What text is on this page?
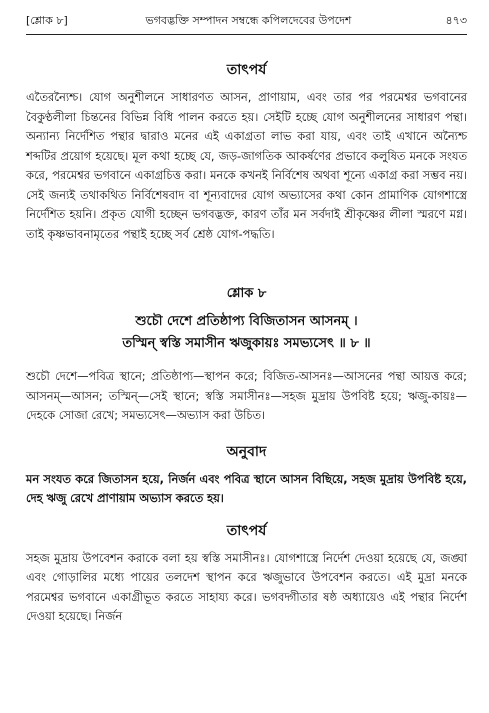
[শ্লোক ৮]	ভগবদ্ভক্তি সম্পাদন সম্বন্ধে কপিলদেবের উপদেশ	৪৭৩
তাৎপর্য

এতৈরন্যৈশ্চ। যোগ অনুশীলনে সাধারণত আসন, প্রাণায়াম, এবং তার পর পরমেশ্বর ভগবানের বৈকুণ্ঠলীলা চিন্তনের বিভিন্ন বিধি পালন করতে হয়। সেইটি হচ্ছে যোগ অনুশীলনের সাধারণ পন্থা। অন্যান্য নির্দেশিত পন্থার দ্বারাও মনের এই একাগ্রতা লাভ করা যায়, এবং তাই এখানে অন্যৈশ্চ শব্দটির প্রয়োগ হয়েছে। মূল কথা হচ্ছে যে, জড়-জাগতিক আকর্ষণের প্রভাবে কলুষিত মনকে সংযত করে, পরমেশ্বর ভগবানে একাগ্রচিত্ত করা। মনকে কখনই নির্বিশেষ অথবা শূন্যে একাগ্র করা সম্ভব নয়। সেই জন্যই তথাকথিত নির্বিশেষবাদ বা শূন্যবাদের যোগ অভ্যাসের কথা কোন প্রামাণিক যোগশাস্ত্রে নির্দেশিত হয়নি। প্রকৃত যোগী হচ্ছেন ভগবদ্ভক্ত, কারণ তাঁর মন সর্বদাই শ্রীকৃষ্ণের লীলা স্মরণে মগ্ন। তাই কৃষ্ণভাবনামৃতের পন্থাই হচ্ছে সর্ব শ্রেষ্ঠ যোগ-পদ্ধতি।

শ্লোক ৮
শুচৌ দেশে প্রতিষ্ঠাপ্য বিজিতাসন আসনম্ ।
তস্মিন্ স্বস্তি সমাসীন ঋজুকায়ঃ সমভ্যসেৎ ॥ ৮ ॥

শুচৌ দেশে—পবিত্র স্থানে; প্রতিষ্ঠাপ্য—স্থাপন করে; বিজিত-আসনঃ—আসনের পন্থা আয়ত্ত করে; আসনম্—আসন; তস্মিন্—সেই স্থানে; স্বস্তি সমাসীনঃ—সহজ মুদ্রায় উপবিষ্ট হয়ে; ঋজু-কায়ঃ—দেহকে সোজা রেখে; সমভ্যসেৎ—অভ্যাস করা উচিত।

অনুবাদ

মন সংযত করে জিতাসন হয়ে, নির্জন এবং পবিত্র স্থানে আসন বিছিয়ে, সহজ মুদ্রায় উপবিষ্ট হয়ে, দেহ ঋজু রেখে প্রাণায়াম অভ্যাস করতে হয়।

তাৎপর্য

সহজ মুদ্রায় উপবেশন করাকে বলা হয় স্বস্তি সমাসীনঃ। যোগশাস্ত্রে নির্দেশ দেওয়া হয়েছে যে, জঙ্ঘা এবং গোড়ালির মধ্যে পায়ের তলদেশ স্থাপন করে ঋজুভাবে উপবেশন করতে। এই মুদ্রা মনকে পরমেশ্বর ভগবানে একাগ্রীভূত করতে সাহায্য করে। ভগবদ্গীতার ষষ্ঠ অধ্যায়েও এই পন্থার নির্দেশ দেওয়া হয়েছে। নির্জন
